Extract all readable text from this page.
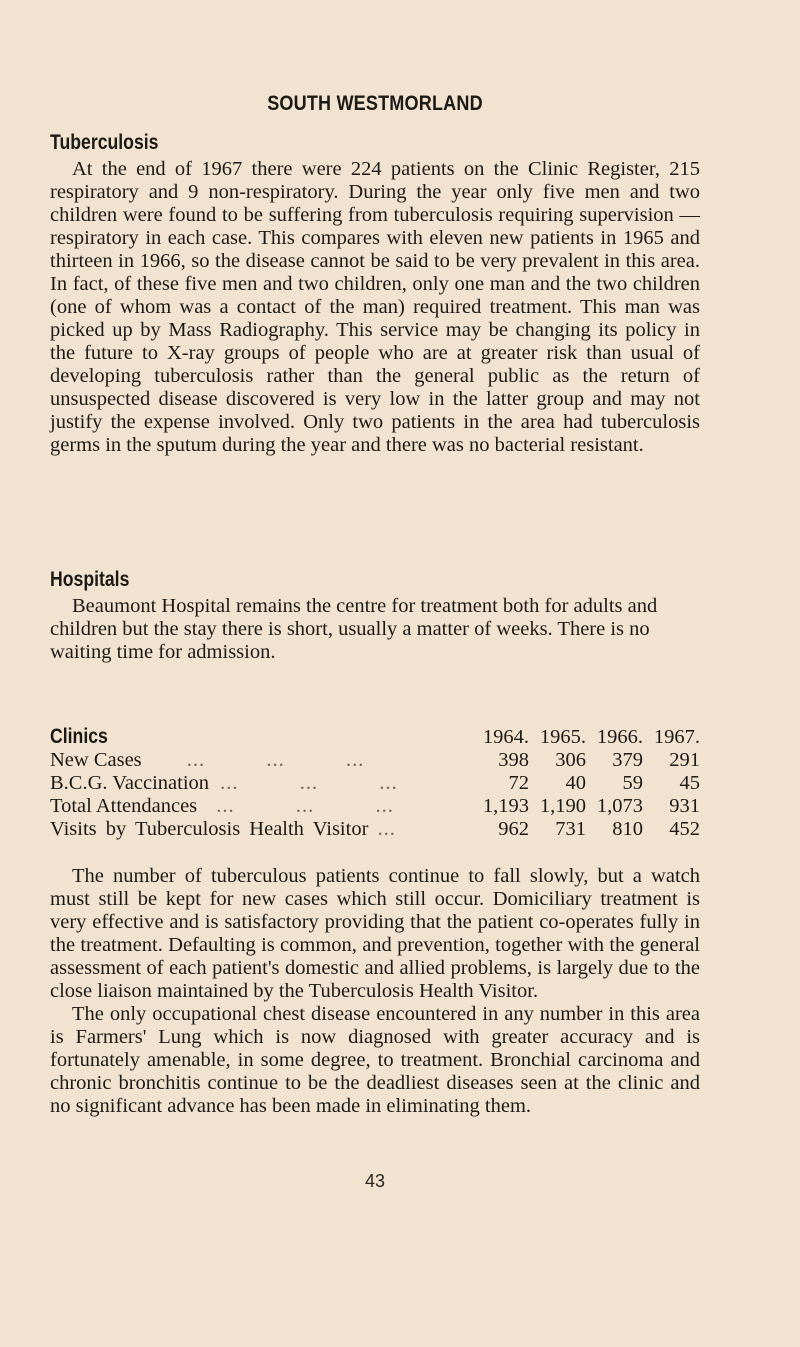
SOUTH WESTMORLAND
Tuberculosis

At the end of 1967 there were 224 patients on the Clinic Register, 215 respiratory and 9 non-respiratory. During the year only five men and two children were found to be suffering from tuberculosis requiring supervision — respiratory in each case. This compares with eleven new patients in 1965 and thirteen in 1966, so the disease cannot be said to be very prevalent in this area. In fact, of these five men and two children, only one man and the two children (one of whom was a contact of the man) required treatment. This man was picked up by Mass Radiography. This service may be changing its policy in the future to X-ray groups of people who are at greater risk than usual of developing tuberculosis rather than the general public as the return of unsuspected disease discovered is very low in the latter group and may not justify the expense involved. Only two patients in the area had tuberculosis germs in the sputum during the year and there was no bacterial resistant.

Hospitals

Beaumont Hospital remains the centre for treatment both for adults and children but the stay there is short, usually a matter of weeks. There is no waiting time for admission.

Clinics	1964.	1965.	1966.	1967.
New Cases ...          ...          ...	398	306	379	291
B.C.G. Vaccination ...          ...          ...	72	40	59	45
Total Attendances ...          ...          ...	1,193	1,190	1,073	931
Visits by Tuberculosis Health Visitor ...	962	731	810	452

The number of tuberculous patients continue to fall slowly, but a watch must still be kept for new cases which still occur. Domiciliary treatment is very effective and is satisfactory providing that the patient co-operates fully in the treatment. Defaulting is common, and prevention, together with the general assessment of each patient's domestic and allied problems, is largely due to the close liaison maintained by the Tuberculosis Health Visitor.

The only occupational chest disease encountered in any number in this area is Farmers' Lung which is now diagnosed with greater accuracy and is fortunately amenable, in some degree, to treatment. Bronchial carcinoma and chronic bronchitis continue to be the deadliest diseases seen at the clinic and no significant advance has been made in eliminating them.

43
